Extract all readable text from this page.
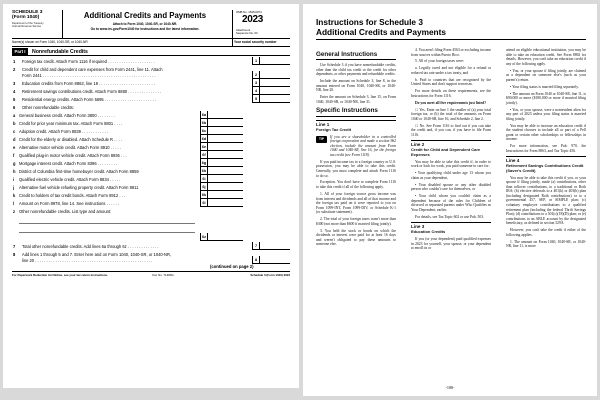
SCHEDULE 3
(Form 1040)
Department of the Treasury
Internal Revenue Service
Additional Credits and Payments
Attach to Form 1040, 1040-SR, or 1040-NR.
Go to www.irs.gov/Form1040 for instructions and the latest information.
OMB No. 1545-0074
2023
Attachment
Sequence No. 03
Name(s) shown on Form 1040, 1040-SR, or 1040-NR	Your social security number
Part I	Nonrefundable Credits
1	Foreign tax credit. Attach Form 1116 if required . . . . . . . . . . . . . . . . . . . . .	1
2	Credit for child and dependent care expenses from Form 2441, line 11. Attach
Form 2441 . . . . . . . . . . . . . . . . . . . . . . . . . . . . . . . . . . . . . . . . . . . . . . . . . .	2
3	Education credits from Form 8863, line 19 . . . . . . . . . . . . . . . . . . . . . . . . .	3
4	Retirement savings contributions credit. Attach Form 8880 . . . . . . . . . . . . . . .	4
5	Residential energy credits. Attach Form 5695 . . . . . . . . . . . . . . . . . . . . . . .	5
6	Other nonrefundable credits:
a General business credit. Attach Form 3800 . . . . . . . .	6a
b Credit for prior year minimum tax. Attach Form 8801 . . . .	6b
c Adoption credit. Attach Form 8839 . . . . . . . . . . . .	6c
d Credit for the elderly or disabled. Attach Schedule R . . . .	6d
e Alternative motor vehicle credit. Attach Form 8910 . . . . .	6e
f Qualified plug-in motor vehicle credit. Attach Form 8936 . . .	6f
g Mortgage interest credit. Attach Form 8396 . . . . . . . . .	6g
h District of Columbia first-time homebuyer credit. Attach Form 8859	6h
i Qualified electric vehicle credit. Attach Form 8834 . . . . .	6i
j Alternative fuel vehicle refueling property credit. Attach Form 8911	6j
k Credit to holders of tax credit bonds. Attach Form 8912 . . .	6k
l Amount on Form 8978, line 14. See instructions . . . . . .	6l
z Other nonrefundable credits. List type and amount:
6z
7	Total other nonrefundable credits. Add lines 6a through 6z . . . . . . . . . . . . . .	7
8	Add lines 1 through 5 and 7. Enter here and on Form 1040, 1040-SR, or 1040-NR,
line 20 . . . . . . . . . . . . . . . . . . . . . . . . . . . . . . . . . . . . . . . . . . . . . . . . . . . .	8
(continued on page 2)
For Paperwork Reduction Act Notice, see your tax return instructions.	Cat. No. 71480G	Schedule 3 (Form 1040) 2023
Instructions for Schedule 3
Additional Credits and Payments
General Instructions

Use Schedule 3 if you have nonrefundable credits, other than the child tax credit or the credit for other dependents, or other payments and refundable credits.

Include the amount on Schedule 3, line 8, in the amount entered on Form 1040, 1040-SR, or 1040-NR, line 20.

Enter the amount on Schedule 3, line 15, on Form 1040, 1040-SR, or 1040-NR, line 31.

Specific Instructions
Line 1
Foreign Tax Credit

TIP	If you are a shareholder in a controlled foreign corporation and made a section 962 election, include the amount from Form 1040 and 1040-SR, line 16, for the foreign tax credit (see Form 1118).

If you paid income tax to a foreign country or U.S. possession, you may be able to take this credit. Generally, you must complete and attach Form 1116 to do so.

Exception. You don't have to complete Form 1116 to take this credit if all of the following apply.

1. All of your foreign source gross income was from interest and dividends and all of that income and the foreign tax paid on it were reported to you on Form 1099-INT, Form 1099-DIV, or Schedule K-1 (or substitute statement).

2. The total of your foreign taxes wasn't more than $300 (not more than $600 if married filing jointly).

3. You held the stock or bonds on which the dividends or interest were paid for at least 16 days and weren't obligated to pay these amounts to someone else.

4. You aren't filing Form 4563 or excluding income from sources within Puerto Rico.

5. All of your foreign taxes were:

a. Legally owed and not eligible for a refund or reduced tax rate under a tax treaty, and

b. Paid to countries that are recognized by the United States and don't support terrorism.

For more details on these requirements, see the Instructions for Form 1116.

Do you meet all five requirements just listed?

☐ Yes. Enter on line 1 the smaller of (a) your total foreign tax, or (b) the total of the amounts on Form 1040 or 1040-SR, line 16, and Schedule 2, line 2.

☐ No. See Form 1116 to find out if you can take the credit and, if you can, if you have to file Form 1116.

Line 2
Credit for Child and Dependent Care Expenses

You may be able to take this credit if, in order to work or look for work, you paid someone to care for:

• Your qualifying child under age 13 whom you claim as your dependent,

• Your disabled spouse or any other disabled person who couldn't care for themselves, or

• Your child whom you couldn't claim as a dependent because of the rules for Children of divorced or separated parents under Who Qualifies as Your Dependent, earlier.

For details, see Tax Topic 602 or use Pub. 503.

Line 3
Education Credits

If you (or your dependent) paid qualified expenses in 2023 for yourself, your spouse, or your dependent to enroll in or

attend an eligible educational institution, you may be able to take an education credit. See Form 8863 for details. However, you can't take an education credit if any of the following apply.

• You, or your spouse if filing jointly, are claimed as a dependent on someone else's (such as your parent's) return.

• Your filing status is married filing separately.

• The amount on Form 1040 or 1040-SR, line 11, is $90,000 or more ($180,000 or more if married filing jointly).

• You, or your spouse, were a nonresident alien for any part of 2023 unless your filing status is married filing jointly.

You may be able to increase an education credit if the student chooses to include all or part of a Pell grant or certain other scholarships or fellowships in income.

For more information, see Pub. 970, the Instructions for Form 8863, and Tax Topic 456.

Line 4
Retirement Savings Contributions Credit (Saver's Credit)

You may be able to take this credit if you, or your spouse if filing jointly, made (a) contributions, other than rollover contributions, to a traditional or Roth IRA; (b) elective deferrals to a 401(k) or 403(b) plan (including designated Roth contributions) or to a governmental 457, SEP, or SIMPLE plan; (c) voluntary employee contributions to a qualified retirement plan (including the federal Thrift Savings Plan); (d) contributions to a 501(c)(18)(D) plan; or (e) contributions to an ABLE account by the designated beneficiary, as defined in section 529A.

However, you can't take the credit if either of the following applies.

1. The amount on Form 1040, 1040-SR, or 1040-NR, line 11, is more

-100-
